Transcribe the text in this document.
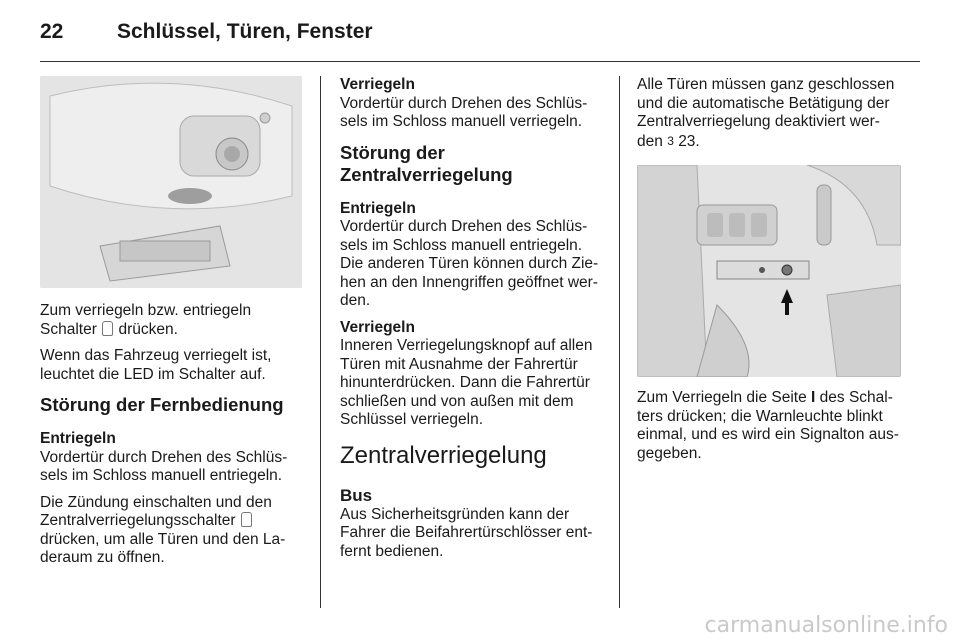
22	Schlüssel, Türen, Fenster

Zum verriegeln bzw. entriegeln
Schalter drücken.

Wenn das Fahrzeug verriegelt ist, leuchtet die LED im Schalter auf.

Störung der Fernbedienung
Entriegeln

Vordertür durch Drehen des Schlüs-sels im Schloss manuell entriegeln.

Die Zündung einschalten und den Zentralverriegelungsschalter  drücken, um alle Türen und den La-deraum zu öffnen.

Verriegeln

Vordertür durch Drehen des Schlüs-sels im Schloss manuell verriegeln.

Störung der Zentralverriegelung
Entriegeln

Vordertür durch Drehen des Schlüs-sels im Schloss manuell entriegeln. Die anderen Türen können durch Zie-hen an den Innengriffen geöffnet wer-den.

Verriegeln

Inneren Verriegelungsknopf auf allen Türen mit Ausnahme der Fahrertür hinunterdrücken. Dann die Fahrertür schließen und von außen mit dem Schlüssel verriegeln.

Zentralverriegelung
Bus

Aus Sicherheitsgründen kann der Fahrer die Beifahrertürschlösser ent-fernt bedienen.

Alle Türen müssen ganz geschlossen und die automatische Betätigung der Zentralverriegelung deaktiviert wer-den 3 23.

Zum Verriegeln die Seite I des Schal-ters drücken; die Warnleuchte blinkt einmal, und es wird ein Signalton aus-gegeben.

carmanualsonline.info
